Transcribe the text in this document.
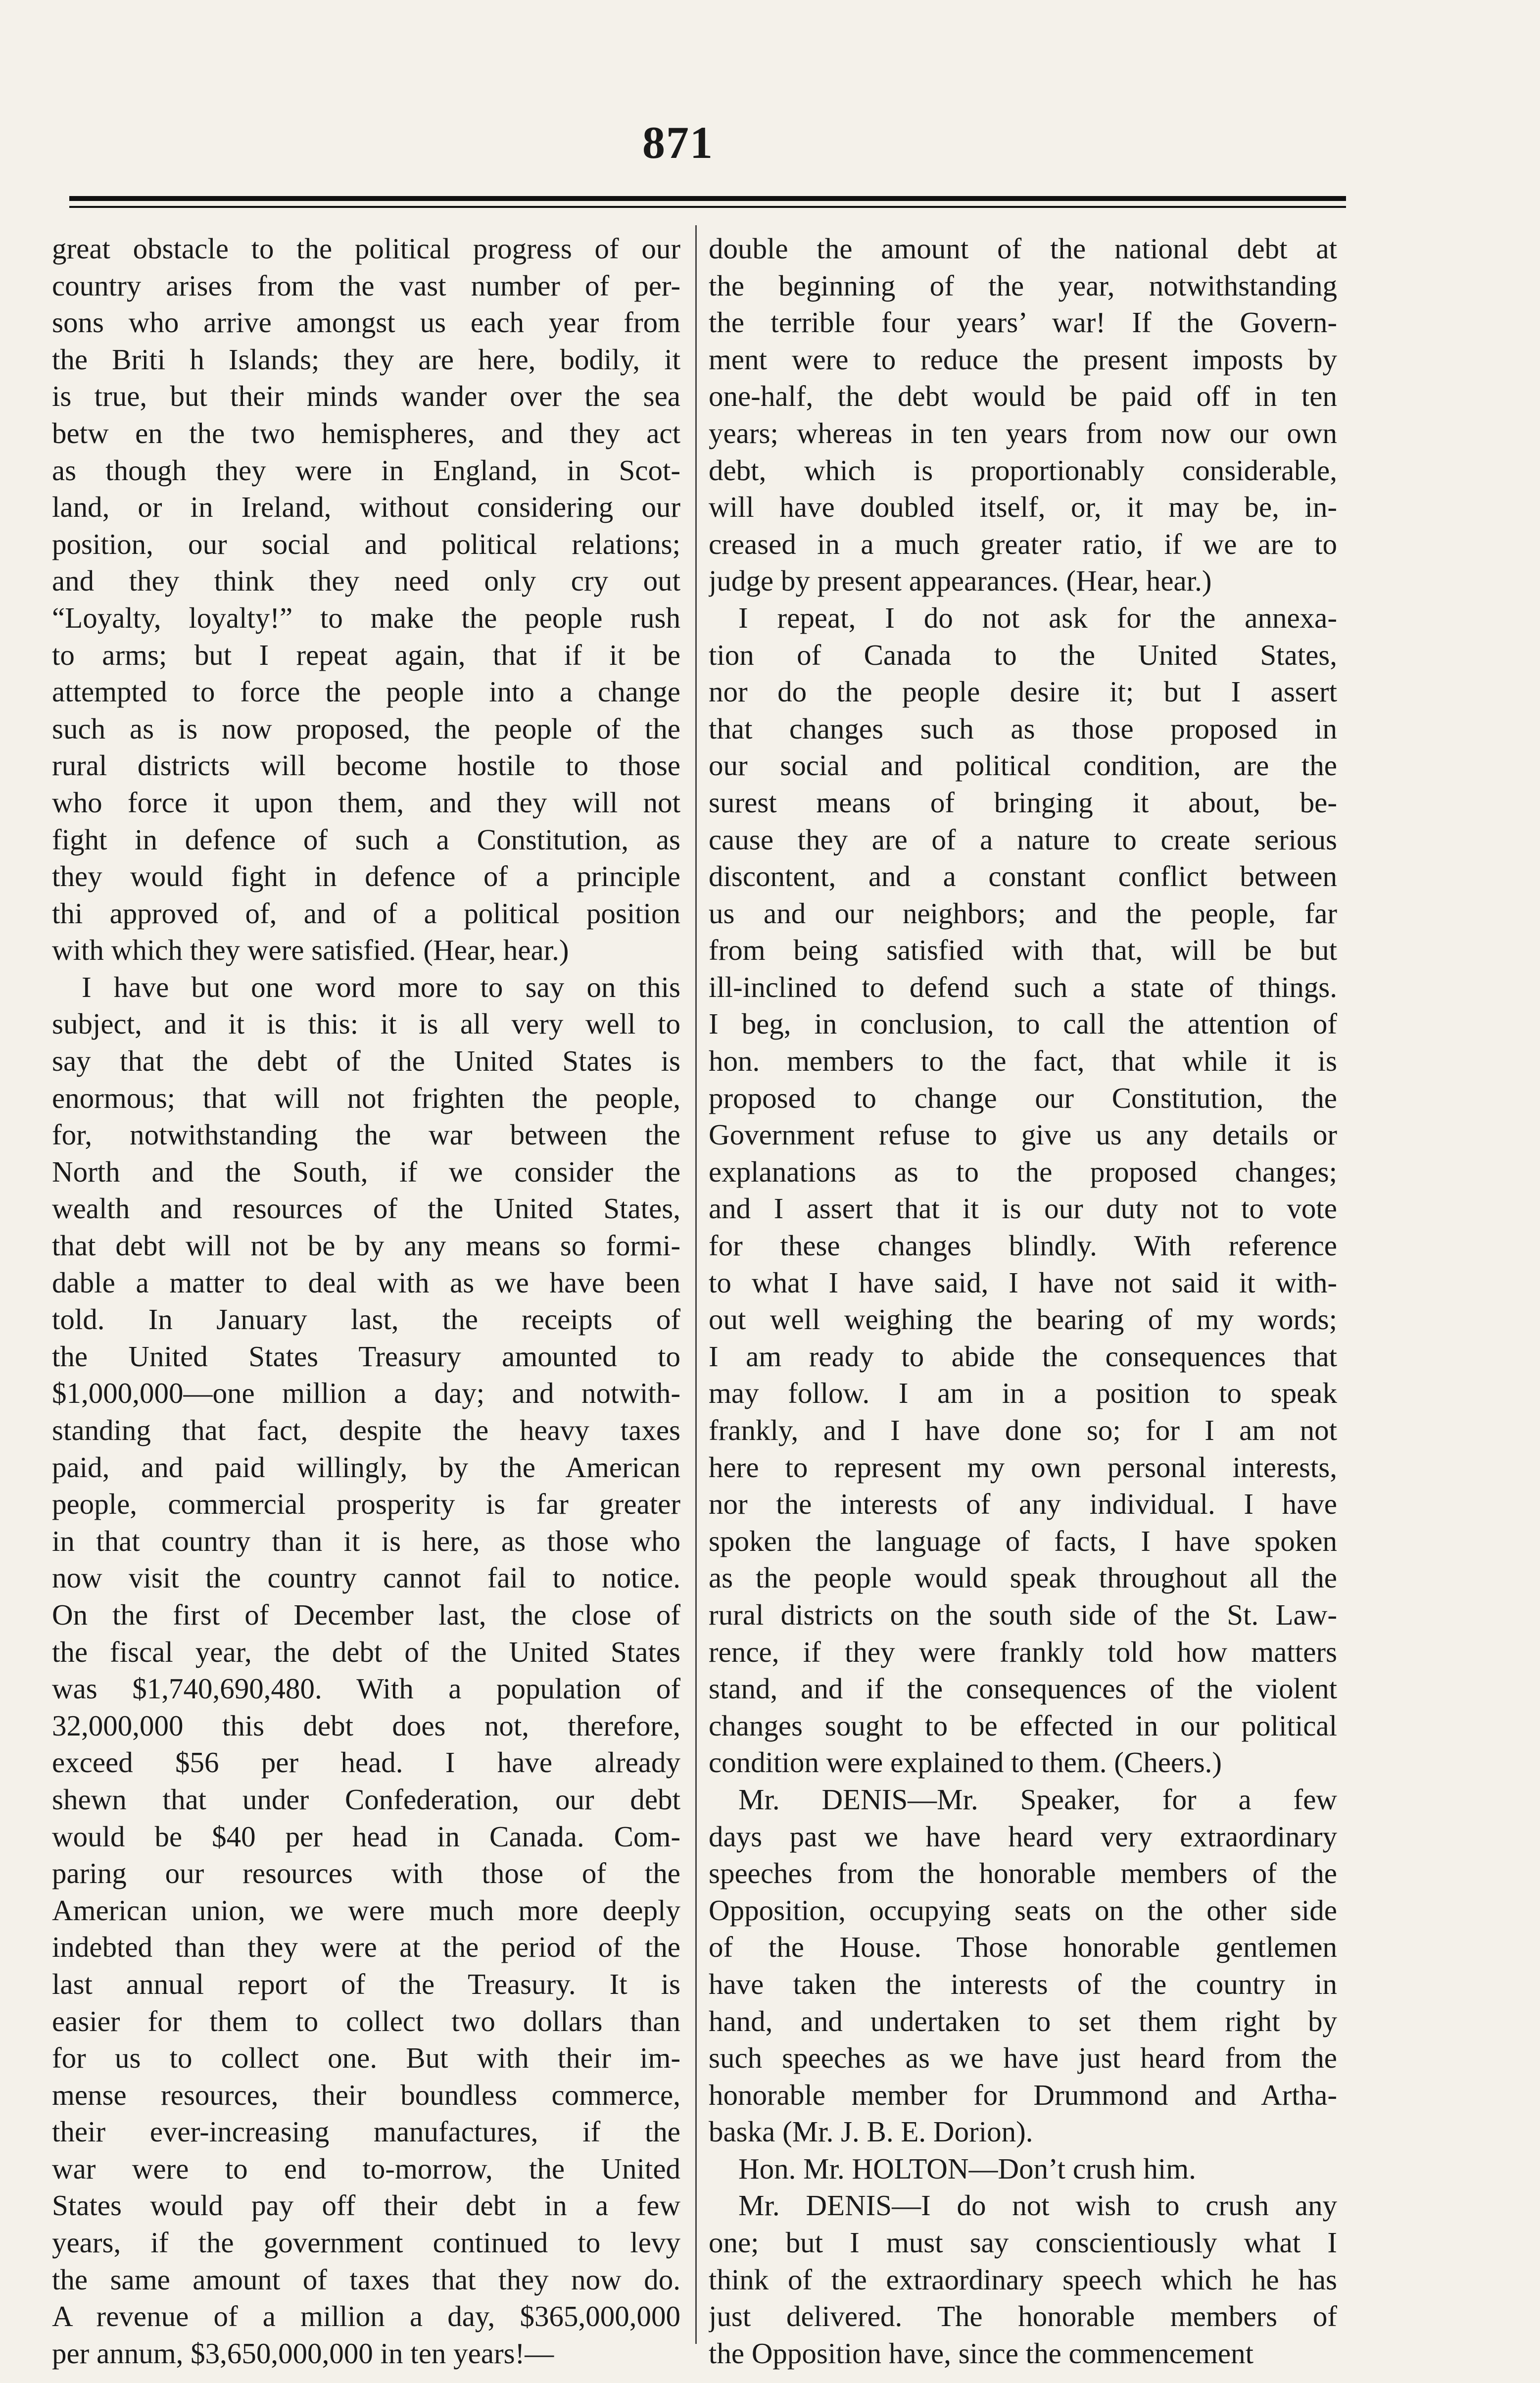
871
great obstacle to the political progress of our
country arises from the vast number of per-
sons who arrive amongst us each year from
the Briti h Islands; they are here, bodily, it
is true, but their minds wander over the sea
betw en the two hemispheres, and they act
as though they were in England, in Scot-
land, or in Ireland, without considering our
position, our social and political relations;
and they think they need only cry out
“Loyalty, loyalty!” to make the people rush
to arms; but I repeat again, that if it be
attempted to force the people into a change
such as is now proposed, the people of the
rural districts will become hostile to those
who force it upon them, and they will not
fight in defence of such a Constitution, as
they would fight in defence of a principle
thi approved of, and of a political position
with which they were satisfied. (Hear, hear.)
I have but one word more to say on this
subject, and it is this: it is all very well to
say that the debt of the United States is
enormous; that will not frighten the people,
for, notwithstanding the war between the
North and the South, if we consider the
wealth and resources of the United States,
that debt will not be by any means so formi-
dable a matter to deal with as we have been
told. In January last, the receipts of
the United States Treasury amounted to
$1,000,000—one million a day; and notwith-
standing that fact, despite the heavy taxes
paid, and paid willingly, by the American
people, commercial prosperity is far greater
in that country than it is here, as those who
now visit the country cannot fail to notice.
On the first of December last, the close of
the fiscal year, the debt of the United States
was $1,740,690,480. With a population of
32,000,000 this debt does not, therefore,
exceed $56 per head. I have already
shewn that under Confederation, our debt
would be $40 per head in Canada. Com-
paring our resources with those of the
American union, we were much more deeply
indebted than they were at the period of the
last annual report of the Treasury. It is
easier for them to collect two dollars than
for us to collect one. But with their im-
mense resources, their boundless commerce,
their ever-increasing manufactures, if the
war were to end to-morrow, the United
States would pay off their debt in a few
years, if the government continued to levy
the same amount of taxes that they now do.
A revenue of a million a day, $365,000,000
per annum, $3,650,000,000 in ten years!—
double the amount of the national debt at
the beginning of the year, notwithstanding
the terrible four years’ war! If the Govern-
ment were to reduce the present imposts by
one-half, the debt would be paid off in ten
years; whereas in ten years from now our own
debt, which is proportionably considerable,
will have doubled itself, or, it may be, in-
creased in a much greater ratio, if we are to
judge by present appearances. (Hear, hear.)
I repeat, I do not ask for the annexa-
tion of Canada to the United States,
nor do the people desire it; but I assert
that changes such as those proposed in
our social and political condition, are the
surest means of bringing it about, be-
cause they are of a nature to create serious
discontent, and a constant conflict between
us and our neighbors; and the people, far
from being satisfied with that, will be but
ill-inclined to defend such a state of things.
I beg, in conclusion, to call the attention of
hon. members to the fact, that while it is
proposed to change our Constitution, the
Government refuse to give us any details or
explanations as to the proposed changes;
and I assert that it is our duty not to vote
for these changes blindly. With reference
to what I have said, I have not said it with-
out well weighing the bearing of my words;
I am ready to abide the consequences that
may follow. I am in a position to speak
frankly, and I have done so; for I am not
here to represent my own personal interests,
nor the interests of any individual. I have
spoken the language of facts, I have spoken
as the people would speak throughout all the
rural districts on the south side of the St. Law-
rence, if they were frankly told how matters
stand, and if the consequences of the violent
changes sought to be effected in our political
condition were explained to them. (Cheers.)
Mr. DENIS—Mr. Speaker, for a few
days past we have heard very extraordinary
speeches from the honorable members of the
Opposition, occupying seats on the other side
of the House. Those honorable gentlemen
have taken the interests of the country in
hand, and undertaken to set them right by
such speeches as we have just heard from the
honorable member for Drummond and Artha-
baska (Mr. J. B. E. Dorion).
Hon. Mr. HOLTON—Don’t crush him.
Mr. DENIS—I do not wish to crush any
one; but I must say conscientiously what I
think of the extraordinary speech which he has
just delivered. The honorable members of
the Opposition have, since the commencement
